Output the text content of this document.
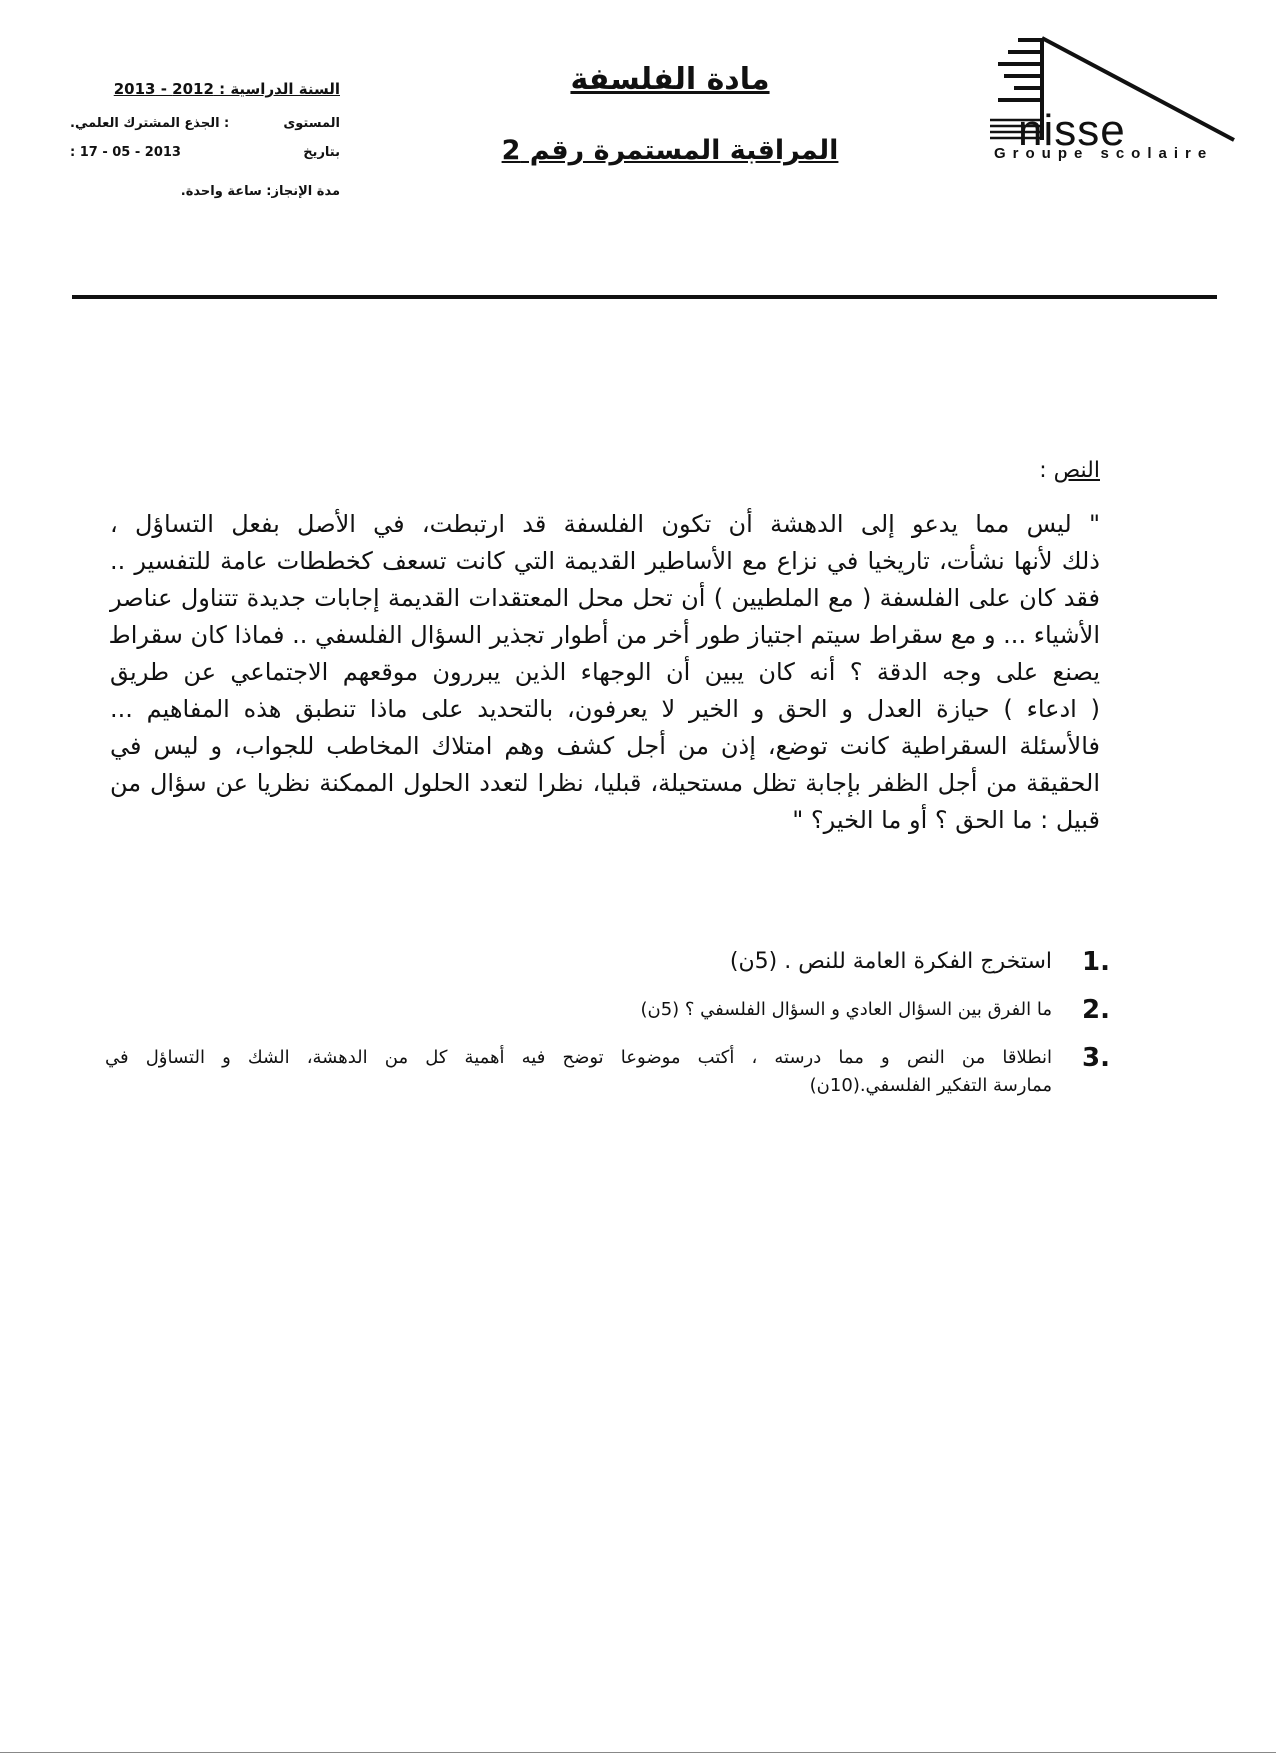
السنة الدراسية : 2012 - 2013
المستوى
: الجذع المشترك العلمي.
بتاريخ
: 17 - 05 - 2013
مدة الإنجاز: ساعة واحدة.
مادة الفلسفة
المراقبة المستمرة رقم 2	nisse
Groupe scolaire
النص :
" ليس مما يدعو إلى الدهشة أن تكون الفلسفة قد ارتبطت، في الأصل بفعل التساؤل ،
ذلك لأنها نشأت، تاريخيا في نزاع مع الأساطير القديمة التي كانت تسعف كخططات عامة للتفسير ..
فقد كان على الفلسفة ( مع الملطيين ) أن تحل محل المعتقدات القديمة إجابات جديدة تتناول عناصر
الأشياء ... و مع سقراط سيتم اجتياز طور أخر من أطوار تجذير السؤال الفلسفي .. فماذا كان سقراط
يصنع على وجه الدقة ؟ أنه كان يبين أن الوجهاء الذين يبررون موقعهم الاجتماعي عن طريق
( ادعاء ) حيازة العدل و الحق و الخير لا يعرفون، بالتحديد على ماذا تنطبق هذه المفاهيم ...
فالأسئلة السقراطية كانت توضع، إذن من أجل كشف وهم امتلاك المخاطب للجواب، و ليس في
الحقيقة من أجل الظفر بإجابة تظل مستحيلة، قبليا، نظرا لتعدد الحلول الممكنة نظريا عن سؤال من
قبيل : ما الحق ؟ أو ما الخير؟ "
1.
استخرج الفكرة العامة للنص . (5ن)
2.
ما الفرق بين السؤال العادي و السؤال الفلسفي ؟ (5ن)
3.
انطلاقا من النص و مما درسته ، أكتب موضوعا توضح فيه أهمية كل من الدهشة، الشك و التساؤل في
ممارسة التفكير الفلسفي.(10ن)
